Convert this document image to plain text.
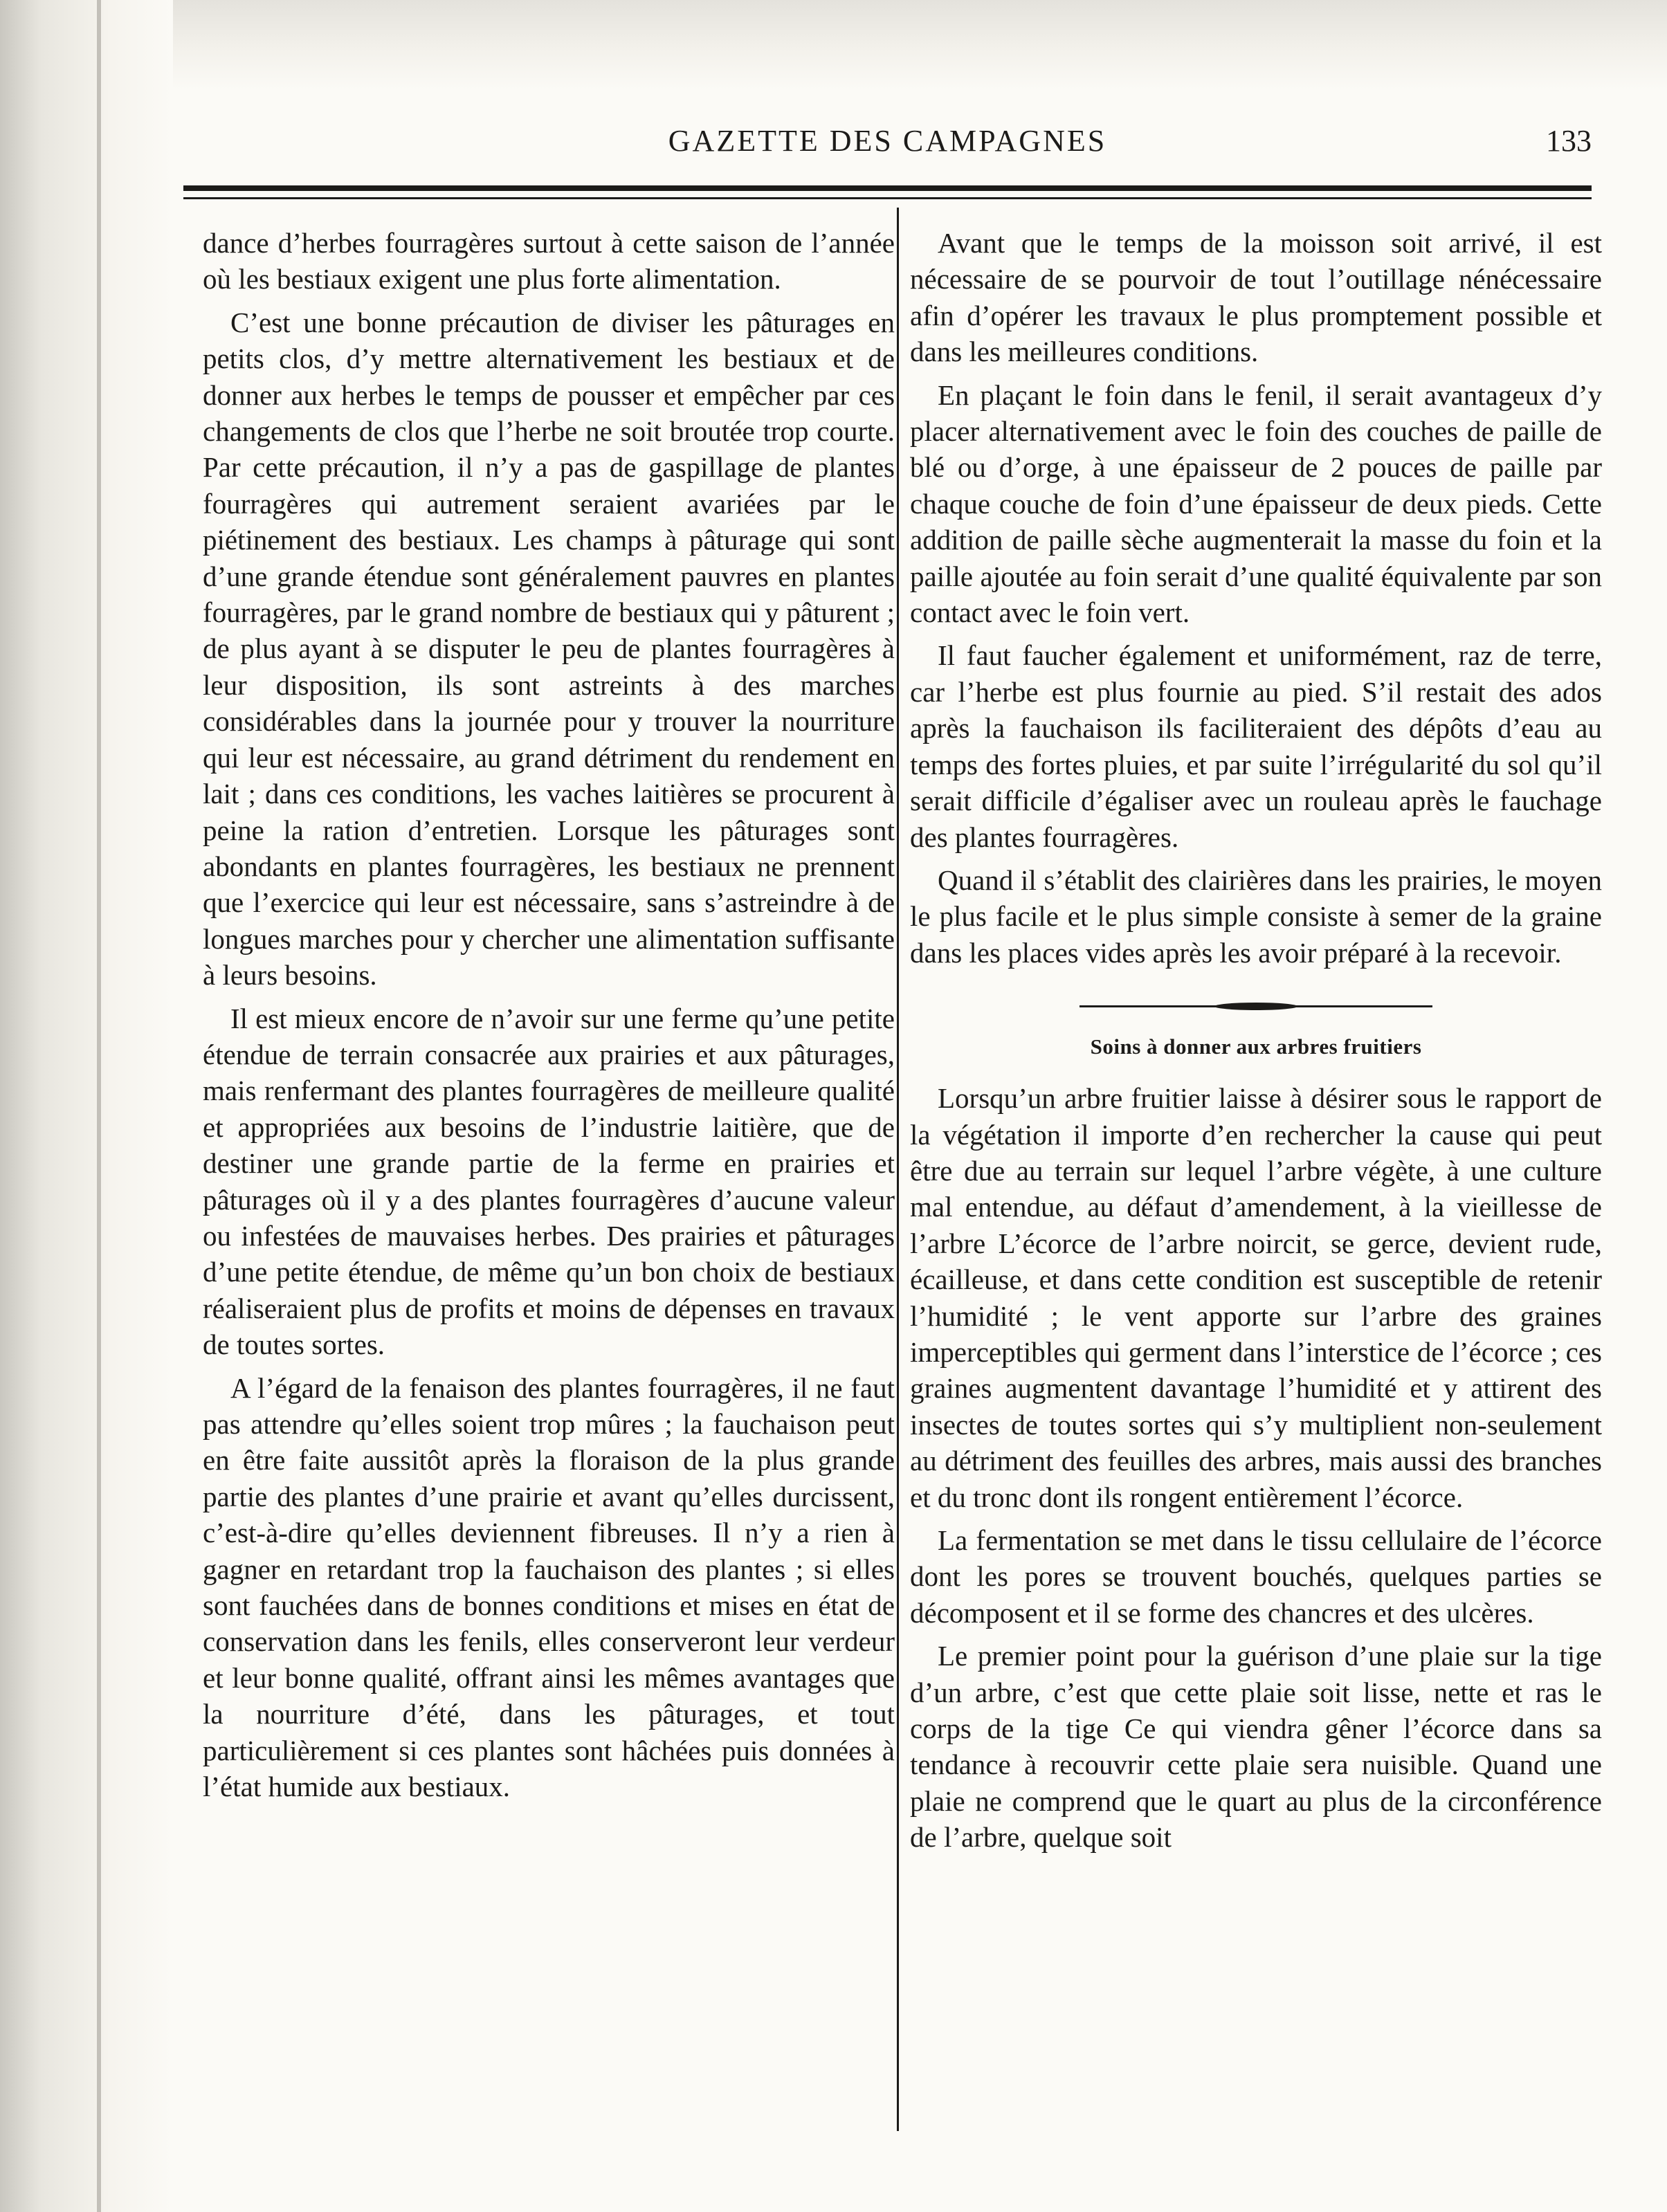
GAZETTE DES CAMPAGNES	133

dance d’herbes fourragères surtout à cette saison de l’année où les bestiaux exigent une plus forte alimentation.

C’est une bonne précaution de diviser les pâturages en petits clos, d’y mettre alternativement les bestiaux et de donner aux herbes le temps de pousser et empêcher par ces changements de clos que l’herbe ne soit broutée trop courte. Par cette précaution, il n’y a pas de gaspillage de plantes fourragères qui autrement seraient avariées par le piétinement des bestiaux. Les champs à pâturage qui sont d’une grande étendue sont généralement pauvres en plantes fourragères, par le grand nombre de bestiaux qui y pâturent ; de plus ayant à se disputer le peu de plantes fourragères à leur disposition, ils sont astreints à des marches considérables dans la journée pour y trouver la nourriture qui leur est nécessaire, au grand détriment du rendement en lait ; dans ces conditions, les vaches laitières se procurent à peine la ration d’entretien. Lorsque les pâturages sont abondants en plantes fourragères, les bestiaux ne prennent que l’exercice qui leur est nécessaire, sans s’astreindre à de longues marches pour y chercher une alimentation suffisante à leurs besoins.

Il est mieux encore de n’avoir sur une ferme qu’une petite étendue de terrain consacrée aux prairies et aux pâturages, mais renfermant des plantes fourragères de meilleure qualité et appropriées aux besoins de l’industrie laitière, que de destiner une grande partie de la ferme en prairies et pâturages où il y a des plantes fourragères d’aucune valeur ou infestées de mauvaises herbes. Des prairies et pâturages d’une petite étendue, de même qu’un bon choix de bestiaux réaliseraient plus de profits et moins de dépenses en travaux de toutes sortes.

A l’égard de la fenaison des plantes fourragères, il ne faut pas attendre qu’elles soient trop mûres ; la fauchaison peut en être faite aussitôt après la floraison de la plus grande partie des plantes d’une prairie et avant qu’elles durcissent, c’est-à-dire qu’elles deviennent fibreuses. Il n’y a rien à gagner en retardant trop la fauchaison des plantes ; si elles sont fauchées dans de bonnes conditions et mises en état de conservation dans les fenils, elles conserveront leur verdeur et leur bonne qualité, offrant ainsi les mêmes avantages que la nourriture d’été, dans les pâturages, et tout particulièrement si ces plantes sont hâchées puis données à l’état humide aux bestiaux.

Avant que le temps de la moisson soit arrivé, il est nécessaire de se pourvoir de tout l’outillage nénécessaire afin d’opérer les travaux le plus promptement possible et dans les meilleures conditions.

En plaçant le foin dans le fenil, il serait avantageux d’y placer alternativement avec le foin des couches de paille de blé ou d’orge, à une épaisseur de 2 pouces de paille par chaque couche de foin d’une épaisseur de deux pieds. Cette addition de paille sèche augmenterait la masse du foin et la paille ajoutée au foin serait d’une qualité équivalente par son contact avec le foin vert.

Il faut faucher également et uniformément, raz de terre, car l’herbe est plus fournie au pied. S’il restait des ados après la fauchaison ils faciliteraient des dépôts d’eau au temps des fortes pluies, et par suite l’irrégularité du sol qu’il serait difficile d’égaliser avec un rouleau après le fauchage des plantes fourragères.

Quand il s’établit des clairières dans les prairies, le moyen le plus facile et le plus simple consiste à semer de la graine dans les places vides après les avoir préparé à la recevoir.

Soins à donner aux arbres fruitiers

Lorsqu’un arbre fruitier laisse à désirer sous le rapport de la végétation il importe d’en rechercher la cause qui peut être due au terrain sur lequel l’arbre végète, à une culture mal entendue, au défaut d’amendement, à la vieillesse de l’arbre L’écorce de l’arbre noircit, se gerce, devient rude, écailleuse, et dans cette condition est susceptible de retenir l’humidité ; le vent apporte sur l’arbre des graines imperceptibles qui germent dans l’interstice de l’écorce ; ces graines augmentent davantage l’humidité et y attirent des insectes de toutes sortes qui s’y multiplient non-seulement au détriment des feuilles des arbres, mais aussi des branches et du tronc dont ils rongent entièrement l’écorce.

La fermentation se met dans le tissu cellulaire de l’écorce dont les pores se trouvent bouchés, quelques parties se décomposent et il se forme des chancres et des ulcères.

Le premier point pour la guérison d’une plaie sur la tige d’un arbre, c’est que cette plaie soit lisse, nette et ras le corps de la tige Ce qui viendra gêner l’écorce dans sa tendance à recouvrir cette plaie sera nuisible. Quand une plaie ne comprend que le quart au plus de la circonférence de l’arbre, quelque soit
